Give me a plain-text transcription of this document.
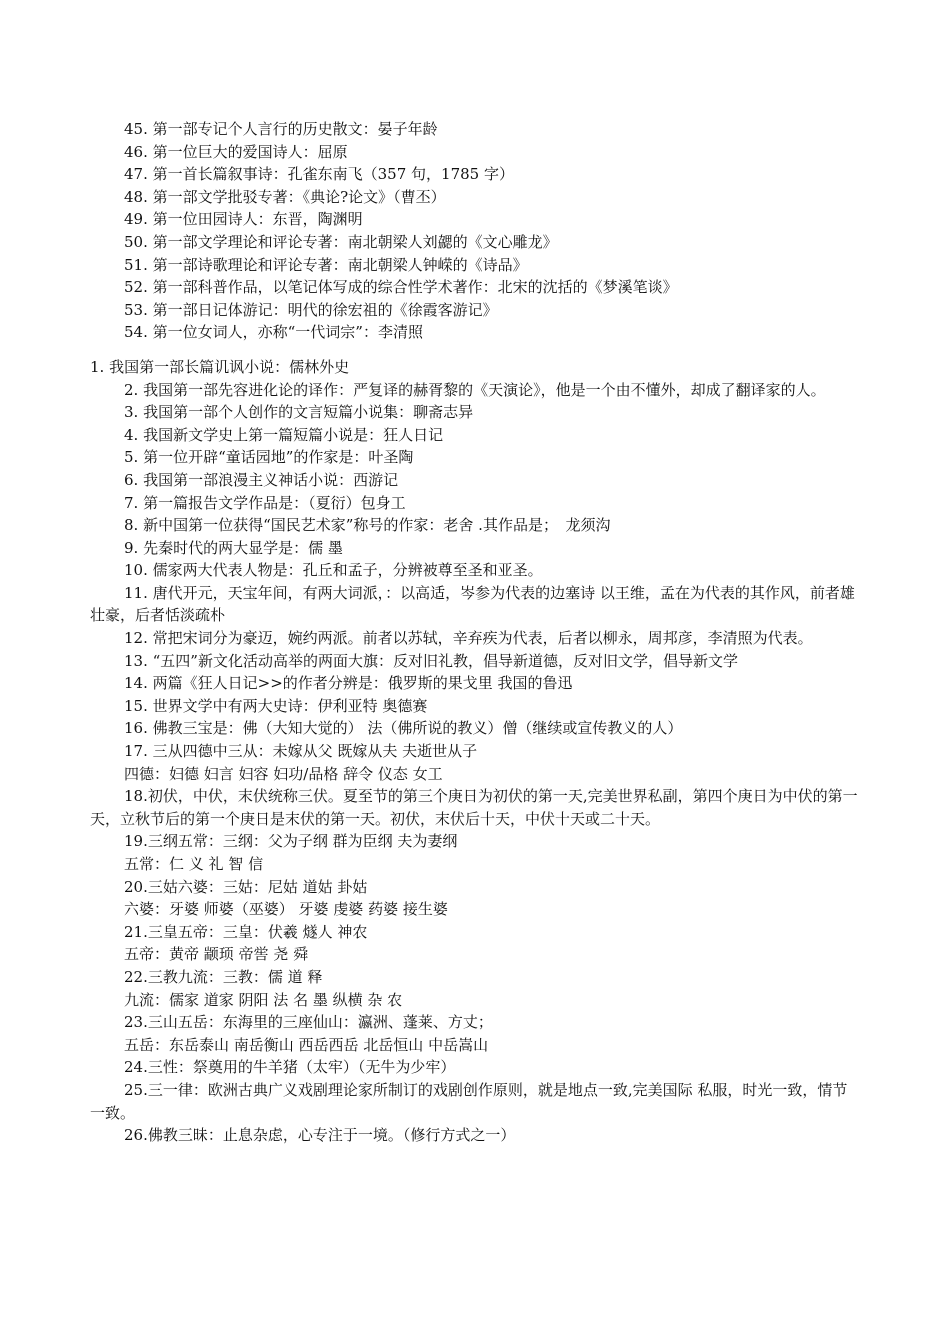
45. 第一部专记个人言行的历史散文：晏子年龄

46. 第一位巨大的爱国诗人：屈原

47. 第一首长篇叙事诗：孔雀东南飞（357 句，1785 字）

48. 第一部文学批驳专著：《典论?论文》（曹丕）

49. 第一位田园诗人：东晋，陶渊明

50. 第一部文学理论和评论专著：南北朝梁人刘勰的《文心雕龙》

51. 第一部诗歌理论和评论专著：南北朝梁人钟嵘的《诗品》

52. 第一部科普作品，以笔记体写成的综合性学术著作：北宋的沈括的《梦溪笔谈》

53. 第一部日记体游记：明代的徐宏祖的《徐霞客游记》

54. 第一位女词人，亦称“一代词宗”：李清照

1. 我国第一部长篇讥讽小说：儒林外史

2. 我国第一部先容进化论的译作：严复译的赫胥黎的《天演论》，他是一个由不懂外，却成了翻译家的人。

3. 我国第一部个人创作的文言短篇小说集：聊斋志异

4. 我国新文学史上第一篇短篇小说是：狂人日记

5. 第一位开辟“童话园地”的作家是：叶圣陶

6. 我国第一部浪漫主义神话小说：西游记

7. 第一篇报告文学作品是：（夏衍）包身工

8. 新中国第一位获得“国民艺术家”称号的作家：老舍 .其作品是；　龙须沟

9. 先秦时代的两大显学是：儒 墨

10. 儒家两大代表人物是：孔丘和孟子，分辨被尊至圣和亚圣。

11. 唐代开元，天宝年间，有两大词派，：以高适，岑参为代表的边塞诗 以王维，孟在为代表的其作风，前者雄壮豪，后者恬淡疏朴

12. 常把宋词分为豪迈，婉约两派。前者以苏轼，辛弃疾为代表，后者以柳永，周邦彦，李清照为代表。

13. “五四”新文化活动高举的两面大旗：反对旧礼教，倡导新道德，反对旧文学，倡导新文学

14. 两篇《狂人日记>>的作者分辨是：俄罗斯的果戈里 我国的鲁迅

15. 世界文学中有两大史诗：伊利亚特 奥德赛

16. 佛教三宝是：佛（大知大觉的） 法（佛所说的教义）僧（继续或宣传教义的人）

17. 三从四德中三从：未嫁从父 既嫁从夫 夫逝世从子

四德：妇德 妇言 妇容 妇功/品格 辞令 仪态 女工

18.初伏，中伏，末伏统称三伏。夏至节的第三个庚日为初伏的第一天,完美世界私副，第四个庚日为中伏的第一天，立秋节后的第一个庚日是末伏的第一天。初伏，末伏后十天，中伏十天或二十天。

19.三纲五常：三纲：父为子纲 群为臣纲 夫为妻纲

五常：仁 义 礼 智 信

20.三姑六婆：三姑：尼姑 道姑 卦姑

六婆：牙婆 师婆（巫婆） 牙婆 虔婆 药婆 接生婆

21.三皇五帝：三皇：伏羲 燧人 神农

五帝：黄帝 颛顼 帝喾 尧 舜

22.三教九流：三教：儒 道 释

九流：儒家 道家 阴阳 法 名 墨 纵横 杂 农

23.三山五岳：东海里的三座仙山：瀛洲、蓬莱、方丈；

五岳：东岳泰山 南岳衡山 西岳西岳 北岳恒山 中岳嵩山

24.三性：祭奠用的牛羊猪（太牢）（无牛为少牢）

25.三一律：欧洲古典广义戏剧理论家所制订的戏剧创作原则，就是地点一致,完美国际 私服，时光一致，情节一致。

26.佛教三昧：止息杂虑，心专注于一境。（修行方式之一）
